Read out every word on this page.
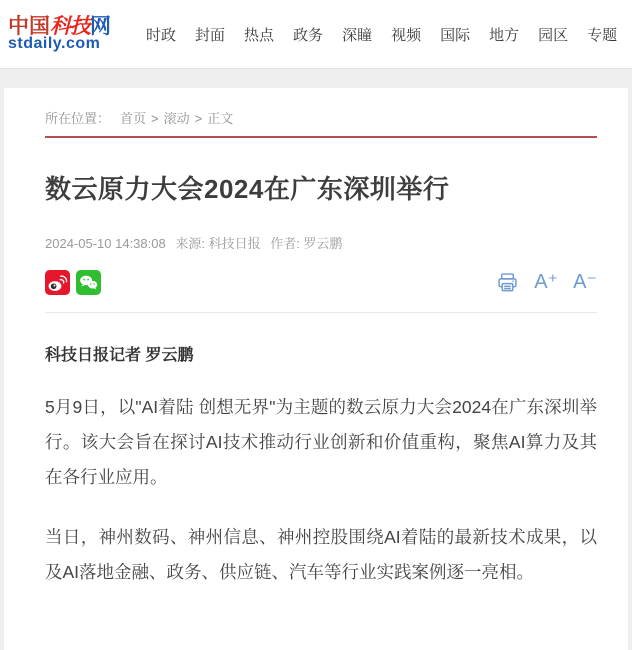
中国科技网
stdaily.com
时政 封面 热点 政务 深瞳 视频 国际 地方 园区 专题
所在位置： 首页 > 滚动 > 正文
数云原力大会2024在广东深圳举行
2024-05-10 14:38:08 来源: 科技日报 作者: 罗云鹏
A⁺ A⁻

科技日报记者 罗云鹏

5月9日，以"AI着陆 创想无界"为主题的数云原力大会2024在广东深圳举行。该大会旨在探讨AI技术推动行业创新和价值重构，聚焦AI算力及其在各行业应用。

当日，神州数码、神州信息、神州控股围绕AI着陆的最新技术成果，以及AI落地金融、政务、供应链、汽车等行业实践案例逐一亮相。
